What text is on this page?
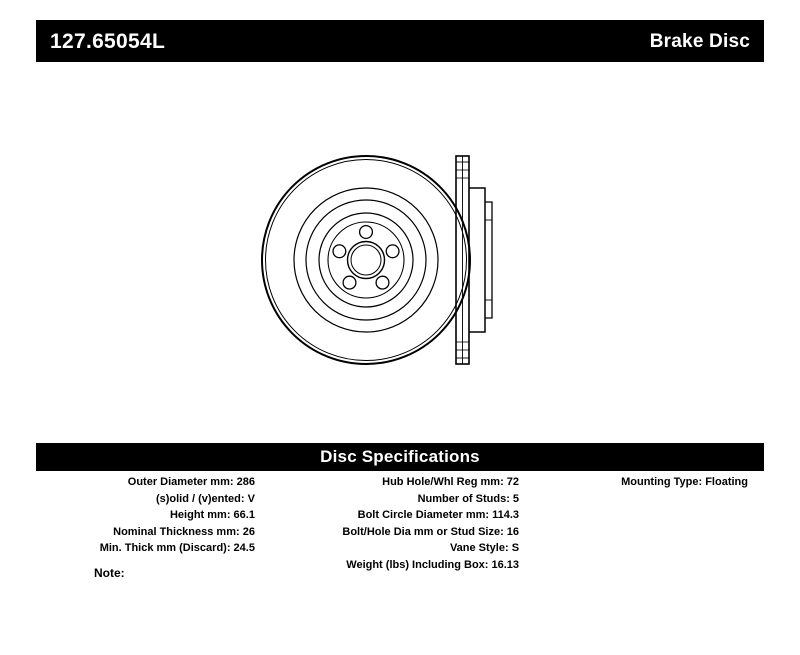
127.65054L	Brake Disc
Disc Specifications
Outer Diameter mm: 286
(s)olid / (v)ented: V
Height mm: 66.1
Nominal Thickness mm: 26
Min. Thick mm (Discard): 24.5
Hub Hole/Whl Reg mm: 72
Number of Studs: 5
Bolt Circle Diameter mm: 114.3
Bolt/Hole Dia mm or Stud Size: 16
Vane Style: S
Weight (lbs) Including Box: 16.13
Mounting Type: Floating
Note:
